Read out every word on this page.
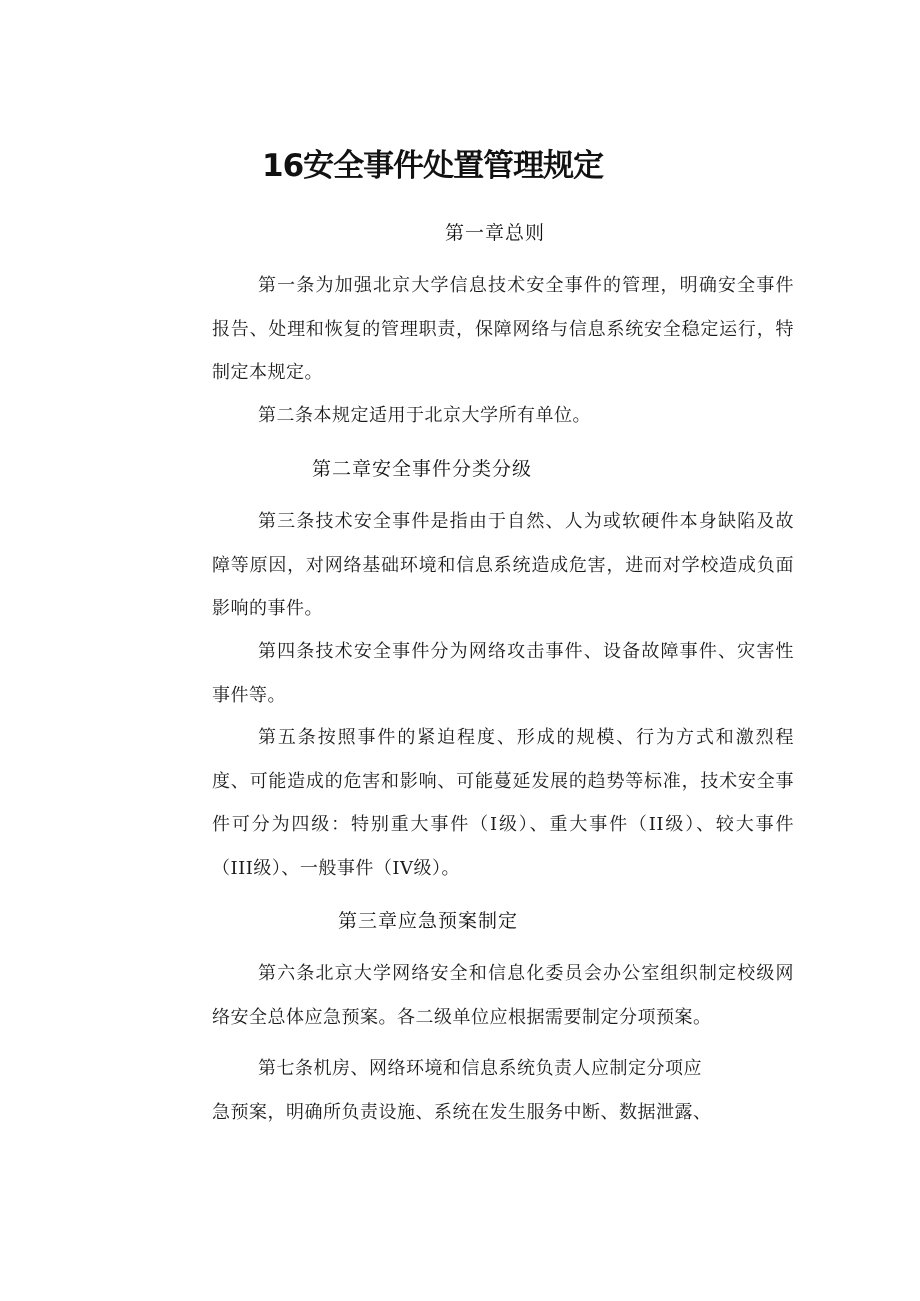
16安全事件处置管理规定
第一章总则
第一条为加强北京大学信息技术安全事件的管理，明确安全事件报告、处理和恢复的管理职责，保障网络与信息系统安全稳定运行，特制定本规定。
第二条本规定适用于北京大学所有单位。
第二章安全事件分类分级
第三条技术安全事件是指由于自然、人为或软硬件本身缺陷及故障等原因，对网络基础环境和信息系统造成危害，进而对学校造成负面影响的事件。
第四条技术安全事件分为网络攻击事件、设备故障事件、灾害性事件等。
第五条按照事件的紧迫程度、形成的规模、行为方式和激烈程度、可能造成的危害和影响、可能蔓延发展的趋势等标准，技术安全事件可分为四级：特别重大事件（I级）、重大事件（II级）、较大事件（III级）、一般事件（IV级）。
第三章应急预案制定
第六条北京大学网络安全和信息化委员会办公室组织制定校级网络安全总体应急预案。各二级单位应根据需要制定分项预案。
第七条机房、网络环境和信息系统负责人应制定分项应
急预案，明确所负责设施、系统在发生服务中断、数据泄露、
